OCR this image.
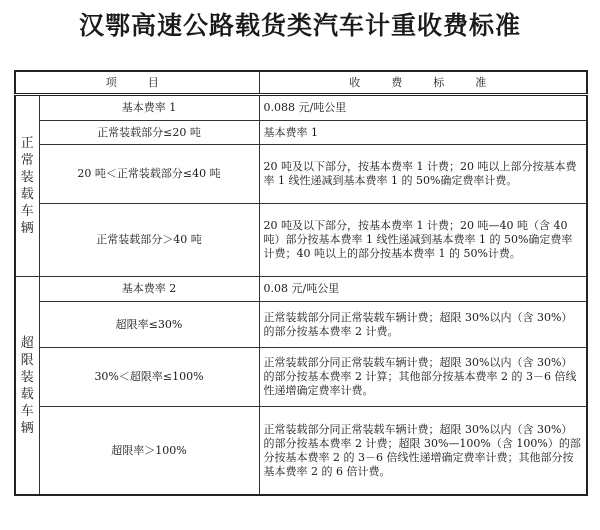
汉鄂高速公路载货类汽车计重收费标准
项　目		收　费　标　准
正常装载车辆	基本费率 1	0.088 元/吨公里
	正常装载部分≤20 吨	基本费率 1
	20 吨＜正常装载部分≤40 吨	20 吨及以下部分，按基本费率 1 计费；20 吨以上部分按基本费率 1 线性递减到基本费率 1 的 50%确定费率计费。
	正常装载部分＞40 吨	20 吨及以下部分，按基本费率 1 计费；20 吨—40 吨（含 40 吨）部分按基本费率 1 线性递减到基本费率 1 的 50%确定费率计费；40 吨以上的部分按基本费率 1 的 50%计费。
超限装载车辆	基本费率 2	0.08 元/吨公里
	超限率≤30%	正常装载部分同正常装载车辆计费；超限 30%以内（含 30%）的部分按基本费率 2 计费。
	30%＜超限率≤100%	正常装载部分同正常装载车辆计费；超限 30%以内（含 30%）的部分按基本费率 2 计算；其他部分按基本费率 2 的 3－6 倍线性递增确定费率计费。
	超限率＞100%	正常装载部分同正常装载车辆计费；超限 30%以内（含 30%）的部分按基本费率 2 计费；超限 30%—100%（含 100%）的部分按基本费率 2 的 3－6 倍线性递增确定费率计费；其他部分按基本费率 2 的 6 倍计费。
